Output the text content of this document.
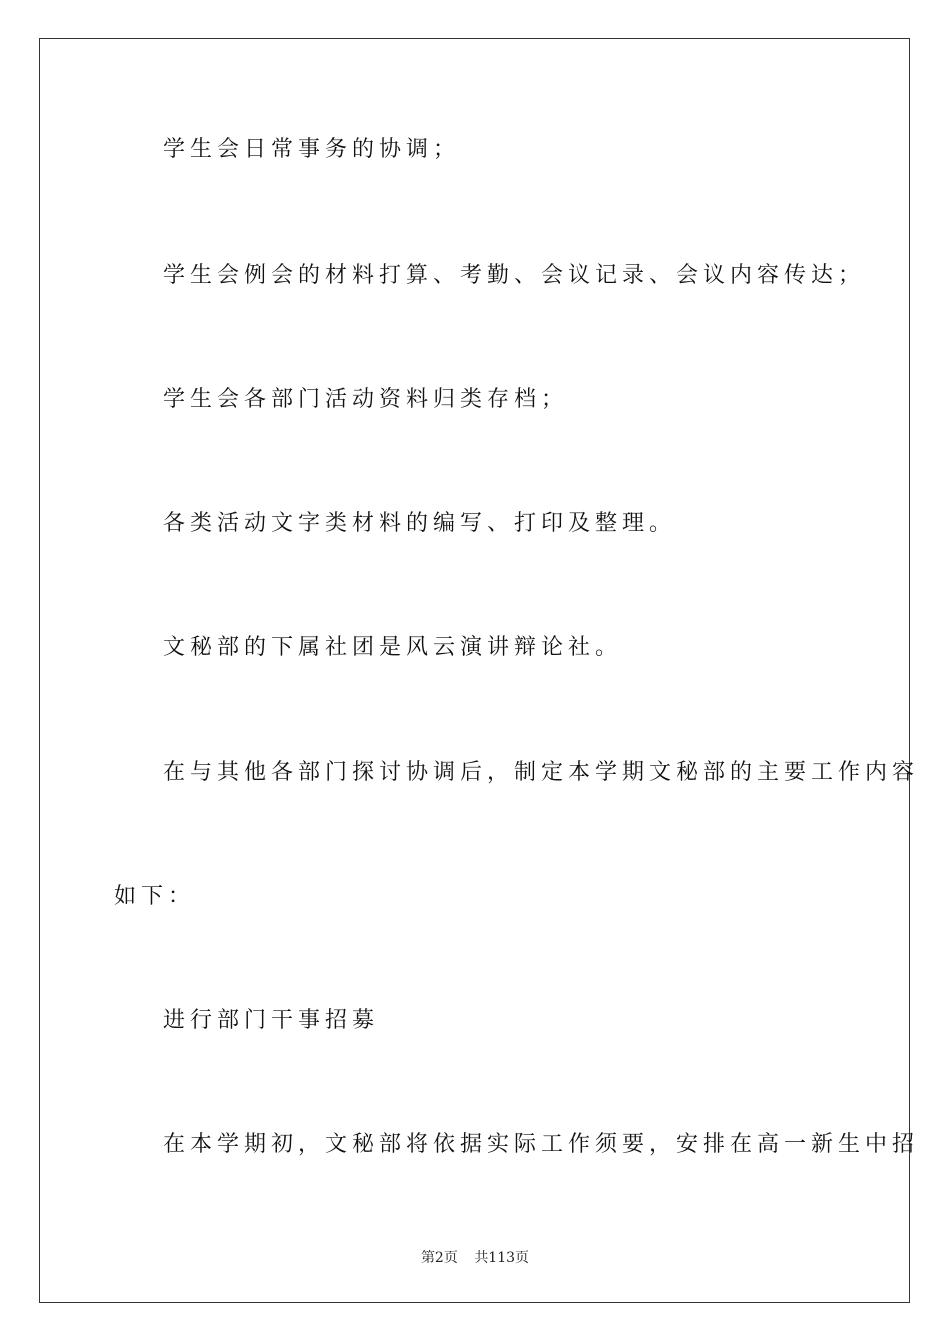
学生会日常事务的协调；
学生会例会的材料打算、考勤、会议记录、会议内容传达；
学生会各部门活动资料归类存档；
各类活动文字类材料的编写、打印及整理。
文秘部的下属社团是风云演讲辩论社。
在与其他各部门探讨协调后，制定本学期文秘部的主要工作内容
如下：
进行部门干事招募
在本学期初，文秘部将依据实际工作须要，安排在高一新生中招
第2页 共113页
